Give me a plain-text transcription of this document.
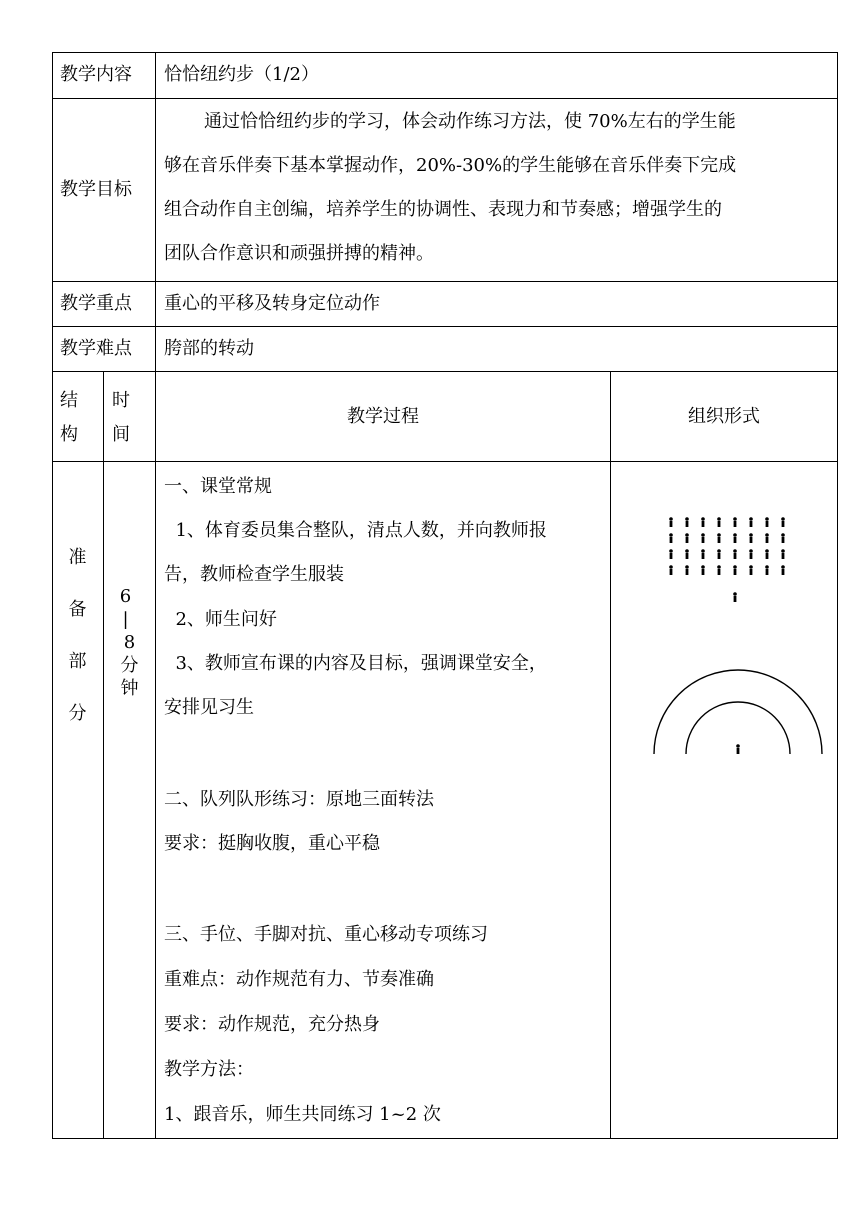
教学内容 恰恰纽约步（1/2）
教学目标
通过恰恰纽约步的学习，体会动作练习方法，使 70%左右的学生能
够在音乐伴奏下基本掌握动作，20%-30%的学生能够在音乐伴奏下完成
组合动作自主创编，培养学生的协调性、表现力和节奏感；增强学生的
团队合作意识和顽强拼搏的精神。
教学重点 重心的平移及转身定位动作
教学难点 胯部的转动
结
构
时
间
教学过程	组织形式
准
备
部
分
6
|
8
分
钟
一、课堂常规
1、体育委员集合整队，清点人数，并向教师报
告，教师检查学生服装
2、师生问好
3、教师宣布课的内容及目标，强调课堂安全，
安排见习生
二、队列队形练习：原地三面转法
要求：挺胸收腹，重心平稳
三、手位、手脚对抗、重心移动专项练习
重难点：动作规范有力、节奏准确
要求：动作规范，充分热身
教学方法：
1、跟音乐，师生共同练习 1~2 次
